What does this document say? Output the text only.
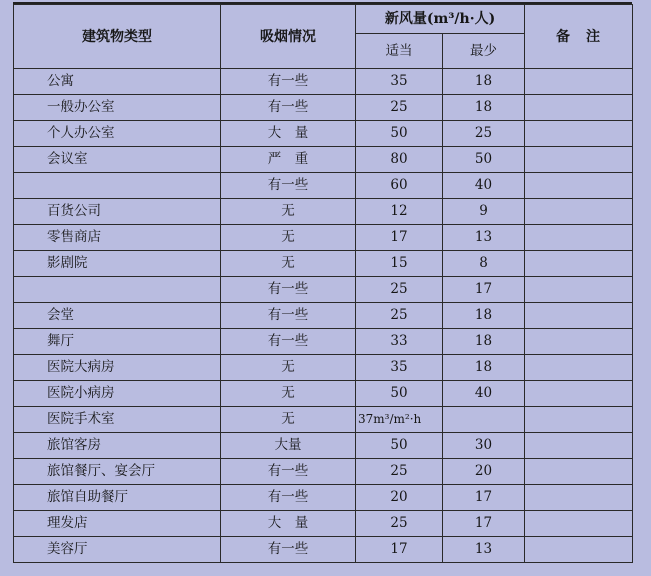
建筑物类型	吸烟情况	新风量(m³/h·人)		备　注
		适当	最少	
公寓	有一些	35	18	
一般办公室	有一些	25	18	
个人办公室	大　量	50	25	
会议室	严　重	80	50	
	有一些	60	40	
百货公司	无	12	9	
零售商店	无	17	13	
影剧院	无	15	8	
	有一些	25	17	
会堂	有一些	25	18	
舞厅	有一些	33	18	
医院大病房	无	35	18	
医院小病房	无	50	40	
医院手术室	无	37m³/m²·h		
旅馆客房	大量	50	30	
旅馆餐厅、宴会厅	有一些	25	20	
旅馆自助餐厅	有一些	20	17	
理发店	大　量	25	17	
美容厅	有一些	17	13	
